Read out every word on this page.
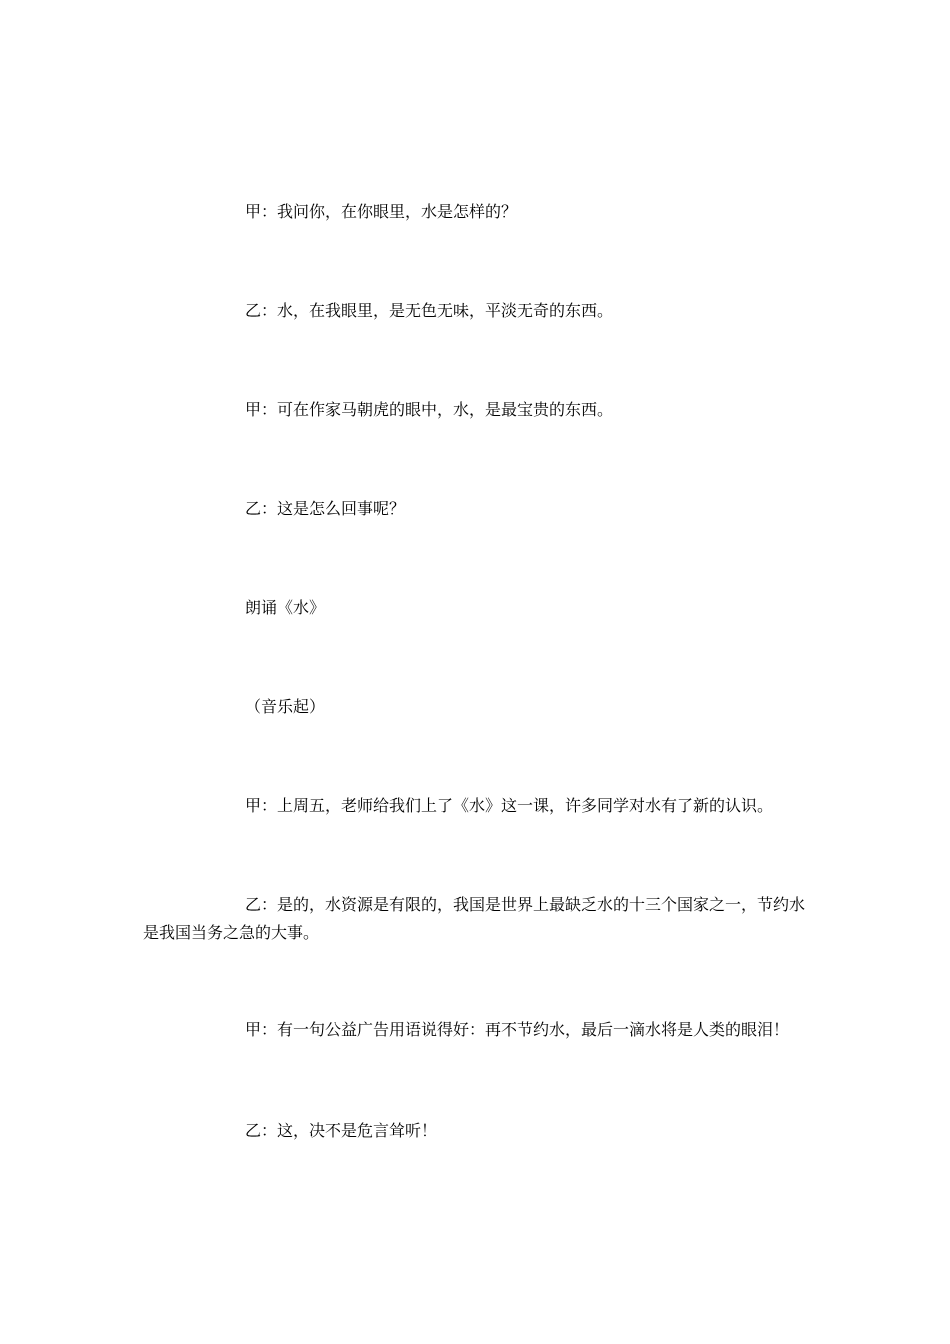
甲：我问你，在你眼里，水是怎样的？

乙：水，在我眼里，是无色无味，平淡无奇的东西。

甲：可在作家马朝虎的眼中，水，是最宝贵的东西。

乙：这是怎么回事呢？

朗诵《水》

（音乐起）

甲：上周五，老师给我们上了《水》这一课，许多同学对水有了新的认识。

乙：是的，水资源是有限的，我国是世界上最缺乏水的十三个国家之一，节约水是我国当务之急的大事。

甲：有一句公益广告用语说得好：再不节约水，最后一滴水将是人类的眼泪！

乙：这，决不是危言耸听！
